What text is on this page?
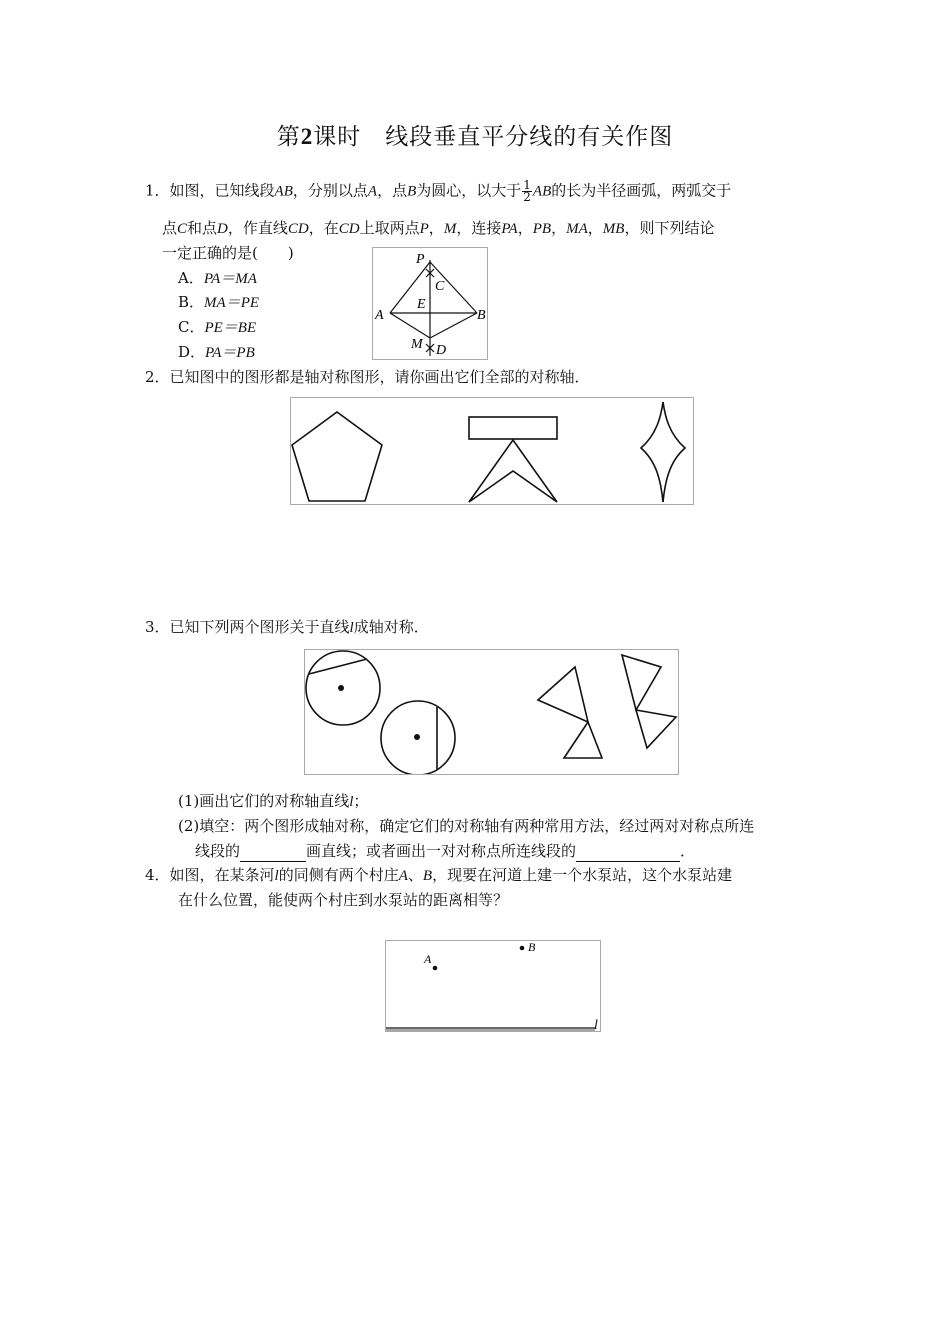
第2课时　线段垂直平分线的有关作图
1．如图，已知线段AB，分别以点A，点B为圆心，以大于 $\frac{1}{2}$ AB的长为半径画弧，两弧交于
点C和点D，作直线CD，在CD上取两点P，M，连接PA，PB，MA，MB，则下列结论
一定正确的是(　　)
A．PA＝MA
B．MA＝PE
C．PE＝BE
D．PA＝PB
P
C
E
A	B
M D
2．已知图中的图形都是轴对称图形，请你画出它们全部的对称轴．
3．已知下列两个图形关于直线l成轴对称．
(1)画出它们的对称轴直线l；
(2)填空：两个图形成轴对称，确定它们的对称轴有两种常用方法，经过两对对称点所连
线段的	画直线；或者画出一对对称点所连线段的	．
4．如图，在某条河l的同侧有两个村庄A、B，现要在河道上建一个水泵站，这个水泵站建
在什么位置，能使两个村庄到水泵站的距离相等？
A
B
l
